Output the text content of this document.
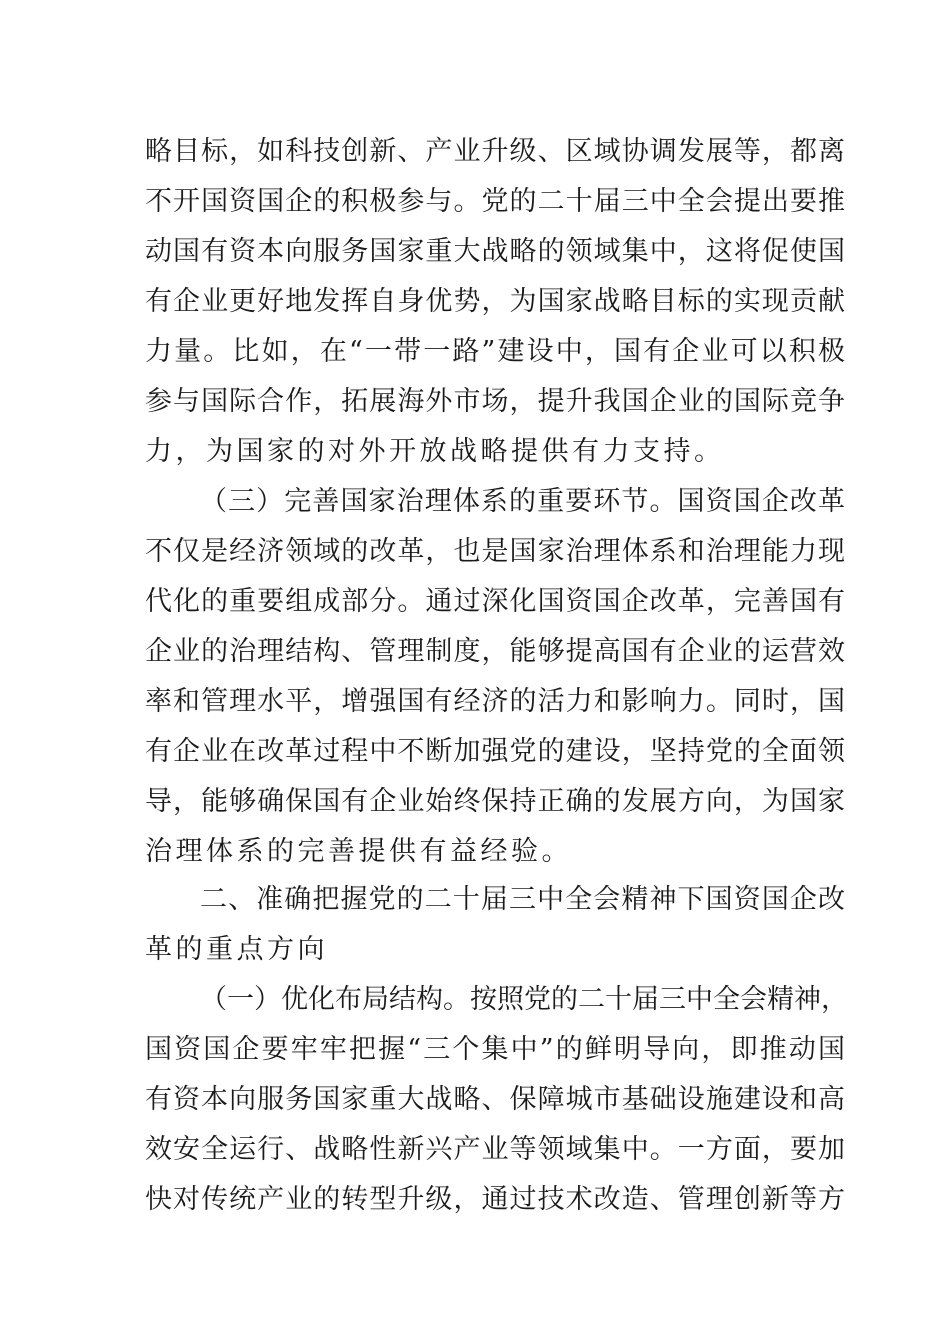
略目标，如科技创新、产业升级、区域协调发展等，都离
不开国资国企的积极参与。党的二十届三中全会提出要推
动国有资本向服务国家重大战略的领域集中，这将促使国
有企业更好地发挥自身优势，为国家战略目标的实现贡献
力量。比如，在“一带一路”建设中，国有企业可以积极
参与国际合作，拓展海外市场，提升我国企业的国际竞争
力，为国家的对外开放战略提供有力支持。
（三）完善国家治理体系的重要环节。国资国企改革
不仅是经济领域的改革，也是国家治理体系和治理能力现
代化的重要组成部分。通过深化国资国企改革，完善国有
企业的治理结构、管理制度，能够提高国有企业的运营效
率和管理水平，增强国有经济的活力和影响力。同时，国
有企业在改革过程中不断加强党的建设，坚持党的全面领
导，能够确保国有企业始终保持正确的发展方向，为国家
治理体系的完善提供有益经验。
二、准确把握党的二十届三中全会精神下国资国企改
革的重点方向
（一）优化布局结构。按照党的二十届三中全会精神，
国资国企要牢牢把握“三个集中”的鲜明导向，即推动国
有资本向服务国家重大战略、保障城市基础设施建设和高
效安全运行、战略性新兴产业等领域集中。一方面，要加
快对传统产业的转型升级，通过技术改造、管理创新等方
